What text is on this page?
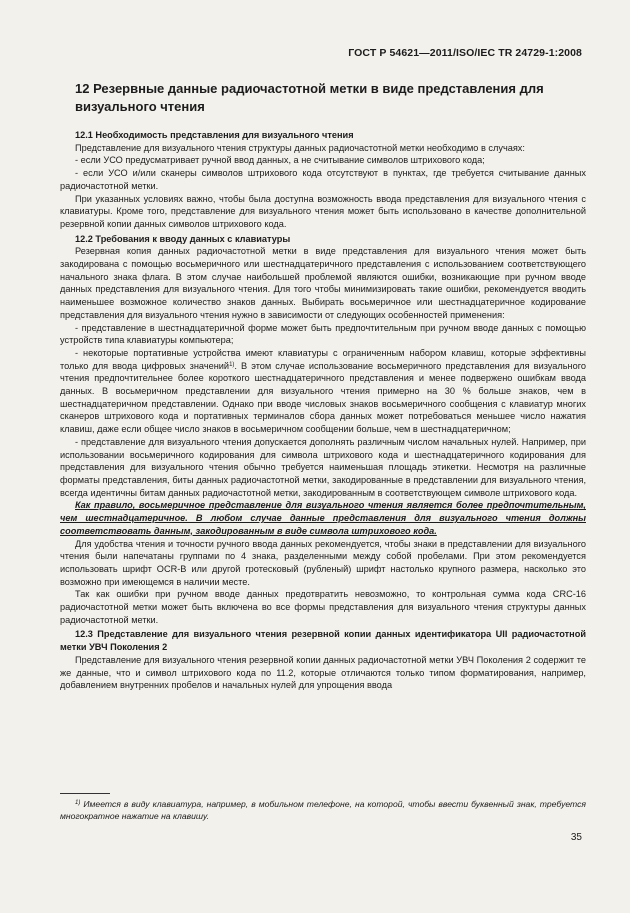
ГОСТ Р 54621—2011/ISO/IEC TR 24729-1:2008
12 Резервные данные радиочастотной метки в виде представления для визуального чтения

12.1 Необходимость представления для визуального чтения

Представление для визуального чтения структуры данных радиочастотной метки необходимо в случаях:

- если УСО предусматривает ручной ввод данных, а не считывание символов штрихового кода;

- если УСО и/или сканеры символов штрихового кода отсутствуют в пунктах, где требуется считывание данных радиочастотной метки.

При указанных условиях важно, чтобы была доступна возможность ввода представления для визуального чтения с клавиатуры. Кроме того, представление для визуального чтения может быть использовано в качестве дополнительной резервной копии данных символов штрихового кода.

12.2 Требования к вводу данных с клавиатуры

Резервная копия данных радиочастотной метки в виде представления для визуального чтения может быть закодирована с помощью восьмеричного или шестнадцатеричного представления с использованием соответствующего начального знака флага. В этом случае наибольшей проблемой являются ошибки, возникающие при ручном вводе данных представления для визуального чтения. Для того чтобы минимизировать такие ошибки, рекомендуется вводить наименьшее возможное количество знаков данных. Выбирать восьмеричное или шестнадцатеричное кодирование представления для визуального чтения нужно в зависимости от следующих особенностей применения:

- представление в шестнадцатеричной форме может быть предпочтительным при ручном вводе данных с помощью устройств типа клавиатуры компьютера;

- некоторые портативные устройства имеют клавиатуры с ограниченным набором клавиш, которые эффективны только для ввода цифровых значений$^{1)}$. В этом случае использование восьмеричного представления для визуального чтения предпочтительнее более короткого шестнадцатеричного представления и менее подвержено ошибкам ввода данных. В восьмеричном представлении для визуального чтения примерно на 30 % больше знаков, чем в шестнадцатеричном представлении. Однако при вводе числовых знаков восьмеричного сообщения с клавиатур многих сканеров штрихового кода и портативных терминалов сбора данных может потребоваться меньшее число нажатия клавиш, даже если общее число знаков в восьмеричном сообщении больше, чем в шестнадцатеричном;

- представление для визуального чтения допускается дополнять различным числом начальных нулей. Например, при использовании восьмеричного кодирования для символа штрихового кода и шестнадцатеричного кодирования для представления для визуального чтения обычно требуется наименьшая площадь этикетки. Несмотря на различные форматы представления, биты данных радиочастотной метки, закодированные в представлении для визуального чтения, всегда идентичны битам данных радиочастотной метки, закодированным в соответствующем символе штрихового кода.

Как правило, восьмеричное представление для визуального чтения является более предпочтительным, чем шестнадцатеричное. В любом случае данные представления для визуального чтения должны соответствовать данным, закодированным в виде символа штрихового кода.

Для удобства чтения и точности ручного ввода данных рекомендуется, чтобы знаки в представлении для визуального чтения были напечатаны группами по 4 знака, разделенными между собой пробелами. При этом рекомендуется использовать шрифт OCR-B или другой гротесковый (рубленый) шрифт настолько крупного размера, насколько это возможно при имеющемся в наличии месте.

Так как ошибки при ручном вводе данных предотвратить невозможно, то контрольная сумма кода CRC-16 радиочастотной метки может быть включена во все формы представления для визуального чтения структуры данных радиочастотной метки.

12.3 Представление для визуального чтения резервной копии данных идентификатора UII радиочастотной метки УВЧ Поколения 2

Представление для визуального чтения резервной копии данных радиочастотной метки УВЧ Поколения 2 содержит те же данные, что и символ штрихового кода по 11.2, которые отличаются только типом форматирования, например, добавлением внутренних пробелов и начальных нулей для упрощения ввода

$^{1)}$ Имеется в виду клавиатура, например, в мобильном телефоне, на которой, чтобы ввести буквенный знак, требуется многократное нажатие на клавишу.
35
